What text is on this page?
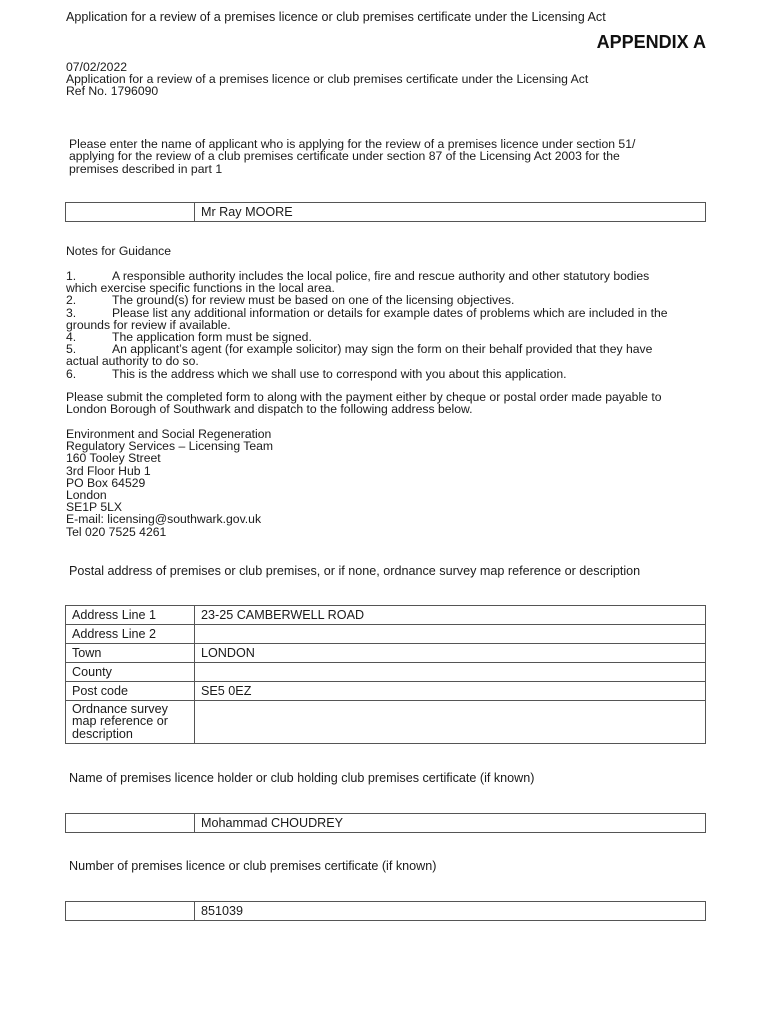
Application for a review of a premises licence or club premises certificate under the Licensing Act
APPENDIX A
07/02/2022
Application for a review of a premises licence or club premises certificate under the Licensing Act
Ref No. 1796090
Please enter the name of applicant who is applying for the review of a premises licence under section 51/
applying for the review of a club premises certificate under section 87 of the Licensing Act 2003 for the
premises described in part 1
	Mr Ray MOORE
Notes for Guidance
1.	A responsible authority includes the local police, fire and rescue authority and other statutory bodies
which exercise specific functions in the local area.
2.	The ground(s) for review must be based on one of the licensing objectives.
3.	Please list any additional information or details for example dates of problems which are included in the
grounds for review if available.
4.	The application form must be signed.
5.	An applicant’s agent (for example solicitor) may sign the form on their behalf provided that they have
actual authority to do so.
6.	This is the address which we shall use to correspond with you about this application.
Please submit the completed form to along with the payment either by cheque or postal order made payable to
London Borough of Southwark and dispatch to the following address below.
Environment and Social Regeneration
Regulatory Services – Licensing Team
160 Tooley Street
3rd Floor Hub 1
PO Box 64529
London
SE1P 5LX
E-mail: licensing@southwark.gov.uk
Tel 020 7525 4261
Postal address of premises or club premises, or if none, ordnance survey map reference or description
Address Line 1	23-25 CAMBERWELL ROAD
Address Line 2	
Town	LONDON
County	
Post code	SE5 0EZ

Ordnance survey
map reference or
description	

Name of premises licence holder or club holding club premises certificate (if known)
	Mohammad CHOUDREY
Number of premises licence or club premises certificate (if known)
	851039
